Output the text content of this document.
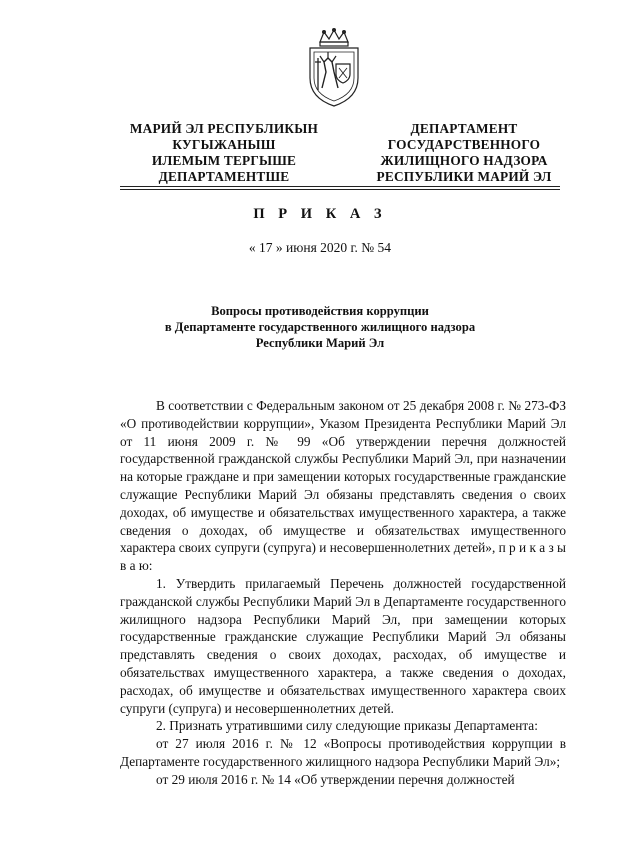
МАРИЙ ЭЛ РЕСПУБЛИКЫН
КУГЫЖАНЫШ
ИЛЕМЫМ ТЕРГЫШЕ
ДЕПАРТАМЕНТШЕ
ДЕПАРТАМЕНТ
ГОСУДАРСТВЕННОГО
ЖИЛИЩНОГО НАДЗОРА
РЕСПУБЛИКИ МАРИЙ ЭЛ
П Р И К А З
« 17 » июня 2020 г. № 54
Вопросы противодействия коррупции
в Департаменте государственного жилищного надзора
Республики Марий Эл

В соответствии с Федеральным законом от 25 декабря 2008 г. № 273-ФЗ «О противодействии коррупции», Указом Президента Республики Марий Эл от 11 июня 2009 г. № 99 «Об утверждении перечня должностей государственной гражданской службы Республики Марий Эл, при назначении на которые граждане и при замещении которых государственные гражданские служащие Республики Марий Эл обязаны представлять сведения о своих доходах, об имуществе и обязательствах имущественного характера, а также сведения о доходах, об имуществе и обязательствах имущественного характера своих супруги (супруга) и несовершеннолетних детей», п р и к а з ы в а ю:

1. Утвердить прилагаемый Перечень должностей государственной гражданской службы Республики Марий Эл в Департаменте государственного жилищного надзора Республики Марий Эл, при замещении которых государственные гражданские служащие Республики Марий Эл обязаны представлять сведения о своих доходах, расходах, об имуществе и обязательствах имущественного характера, а также сведения о доходах, расходах, об имуществе и обязательствах имущественного характера своих супруги (супруга) и несовершеннолетних детей.

2. Признать утратившими силу следующие приказы Департамента:

от 27 июля 2016 г. № 12 «Вопросы противодействия коррупции в Департаменте государственного жилищного надзора Республики Марий Эл»;

от 29 июля 2016 г. № 14 «Об утверждении перечня должностей
